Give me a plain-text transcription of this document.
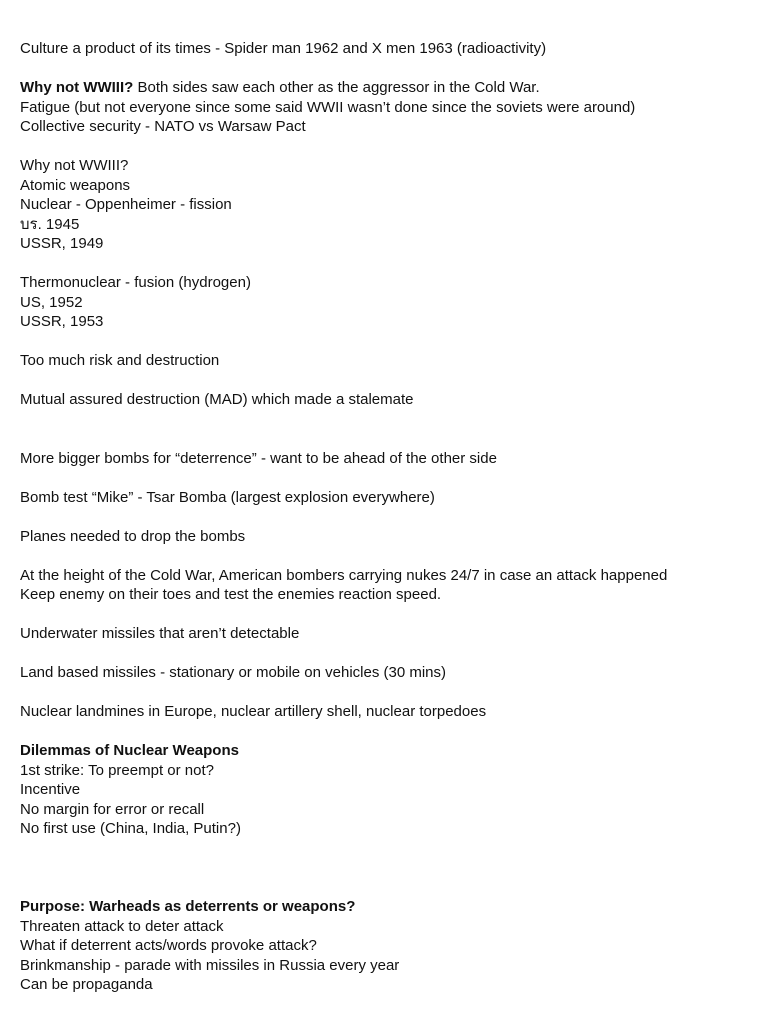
Culture a product of its times - Spider man 1962 and X men 1963 (radioactivity)
Why not WWIII? Both sides saw each other as the aggressor in the Cold War.
Fatigue (but not everyone since some said WWII wasn’t done since the soviets were around)
Collective security - NATO vs Warsaw Pact
Why not WWIII?
Atomic weapons
Nuclear - Oppenheimer - fission
บร. 1945
USSR, 1949
Thermonuclear - fusion (hydrogen)
US, 1952
USSR, 1953
Too much risk and destruction
Mutual assured destruction (MAD) which made a stalemate
More bigger bombs for “deterrence” - want to be ahead of the other side
Bomb test “Mike” - Tsar Bomba (largest explosion everywhere)
Planes needed to drop the bombs
At the height of the Cold War, American bombers carrying nukes 24/7 in case an attack happened
Keep enemy on their toes and test the enemies reaction speed.
Underwater missiles that aren’t detectable
Land based missiles - stationary or mobile on vehicles (30 mins)
Nuclear landmines in Europe, nuclear artillery shell, nuclear torpedoes
Dilemmas of Nuclear Weapons
1st strike: To preempt or not?
Incentive
No margin for error or recall
No first use (China, India, Putin?)
Purpose: Warheads as deterrents or weapons?
Threaten attack to deter attack
What if deterrent acts/words provoke attack?
Brinkmanship - parade with missiles in Russia every year
Can be propaganda
